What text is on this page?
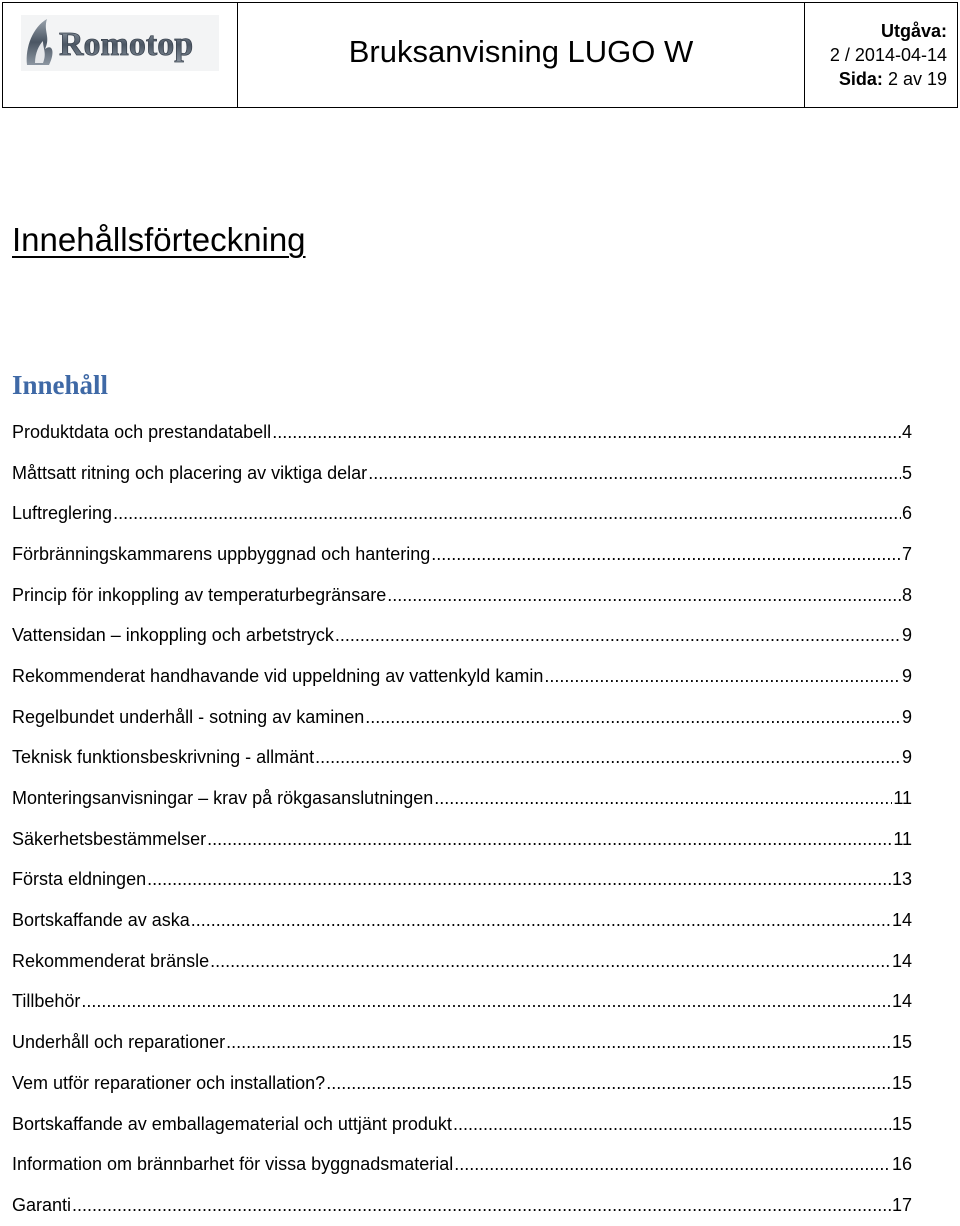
Romotop	Bruksanvisning LUGO W
Utgåva:
2 / 2014-04-14
Sida: 2 av 19
Innehållsförteckning
Innehåll
Produktdata och prestandatabell .....	4
Måttsatt ritning och placering av viktiga delar .....	5
Luftreglering .....	6
Förbränningskammarens uppbyggnad och hantering .....	7
Princip för inkoppling av temperaturbegränsare .....	8
Vattensidan – inkoppling och arbetstryck .....	9
Rekommenderat handhavande vid uppeldning av vattenkyld kamin .....	9
Regelbundet underhåll - sotning av kaminen .....	9
Teknisk funktionsbeskrivning - allmänt .....	9
Monteringsanvisningar – krav på rökgasanslutningen .....	11
Säkerhetsbestämmelser .....	11
Första eldningen .....	13
Bortskaffande av aska .....	14
Rekommenderat bränsle .....	14
Tillbehör .....	14
Underhåll och reparationer .....	15
Vem utför reparationer och installation? .....	15
Bortskaffande av emballagematerial och uttjänt produkt .....	15
Information om brännbarhet för vissa byggnadsmaterial .....	16
Garanti .....	17
